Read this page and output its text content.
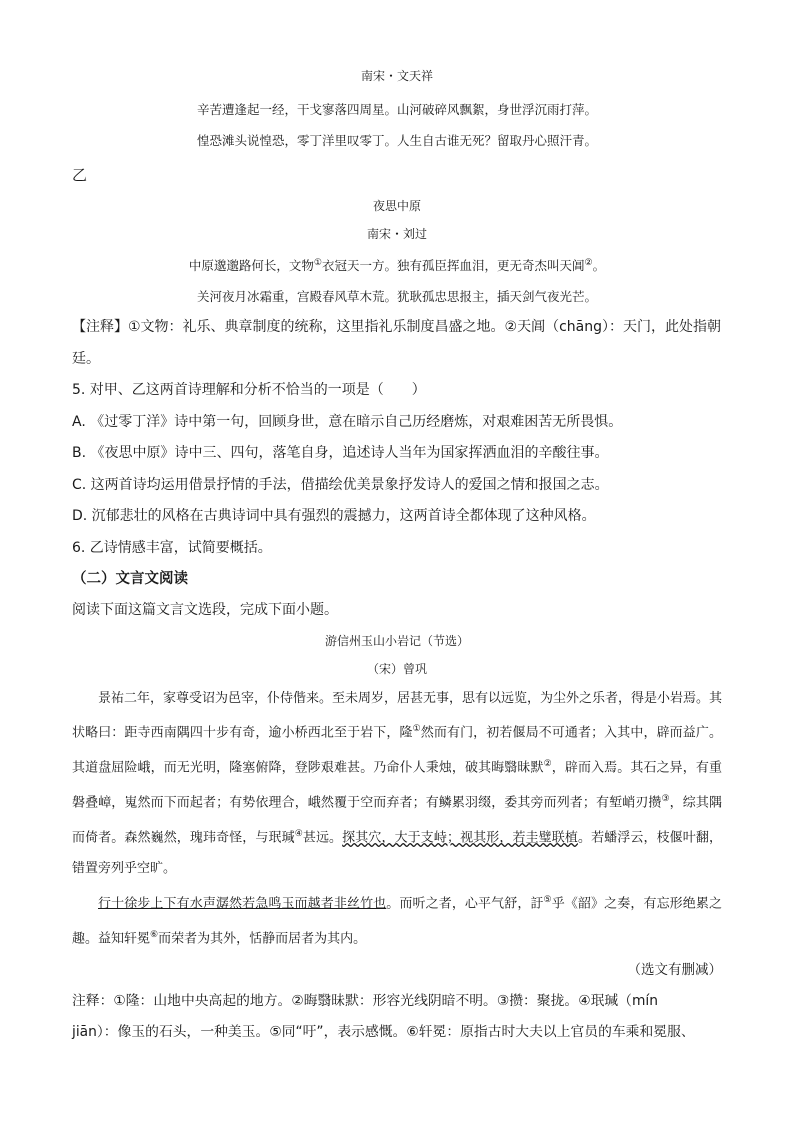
南宋・文天祥
辛苦遭逢起一经，干戈寥落四周星。山河破碎风飘絮，身世浮沉雨打萍。
惶恐滩头说惶恐，零丁洋里叹零丁。人生自古谁无死？留取丹心照汗青。
乙
夜思中原
南宋・刘过
中原邈邈路何长，文物①衣冠天一方。独有孤臣挥血泪，更无奇杰叫天阊②。
关河夜月冰霜重，宫殿春风草木荒。犹耿孤忠思报主，插天剑气夜光芒。
【注释】①文物：礼乐、典章制度的统称，这里指礼乐制度昌盛之地。②天阊（chāng）：天门，此处指朝
廷。
5. 对甲、乙这两首诗理解和分析不恰当的一项是（　　）
A. 《过零丁洋》诗中第一句，回顾身世，意在暗示自己历经磨炼，对艰难困苦无所畏惧。
B. 《夜思中原》诗中三、四句，落笔自身，追述诗人当年为国家挥洒血泪的辛酸往事。
C. 这两首诗均运用借景抒情的手法，借描绘优美景象抒发诗人的爱国之情和报国之志。
D. 沉郁悲壮的风格在古典诗词中具有强烈的震撼力，这两首诗全都体现了这种风格。
6. 乙诗情感丰富，试简要概括。
（二）文言文阅读
阅读下面这篇文言文选段，完成下面小题。
游信州玉山小岩记（节选）
（宋）曾巩
景祐二年，家尊受诏为邑宰，仆侍偕来。至未周岁，居甚无事，思有以远览，为尘外之乐者，得是小岩焉。其状略曰：距寺西南隅四十步有奇，逾小桥西北至于岩下，隆①然而有门，初若偃局不可通者；入其中，辟而益广。其道盘屈险峨，而无光明，隆塞俯降，登陟艰难甚。乃命仆人秉烛，破其晦翳昧默②，辟而入焉。其石之异，有重磐叠嶂，嵬然而下而起者；有势依理合，峨然覆于空而弃者；有鳞累羽缀，委其旁而列者；有堑峭刃攒③，综其隅而倚者。森然巍然，瑰玮奇怪，与珉瑊④甚远。探其穴，大于支峙；视其形，若圭璧联植。若蟠浮云，枝偃叶翻，错置旁列乎空旷。
行十徐步上下有水声潺然若急鸣玉而越者非丝竹也。而听之者，心平气舒，訏⑤乎《韶》之奏，有忘形绝累之趣。益知轩冕⑥而荣者为其外，恬静而居者为其内。
（选文有删减）
注释：①隆：山地中央高起的地方。②晦翳昧默：形容光线阴暗不明。③攒：聚拢。④珉瑊（mín
jiān）：像玉的石头，一种美玉。⑤同“吁”，表示感慨。⑥轩冕：原指古时大夫以上官员的车乘和冕服、
